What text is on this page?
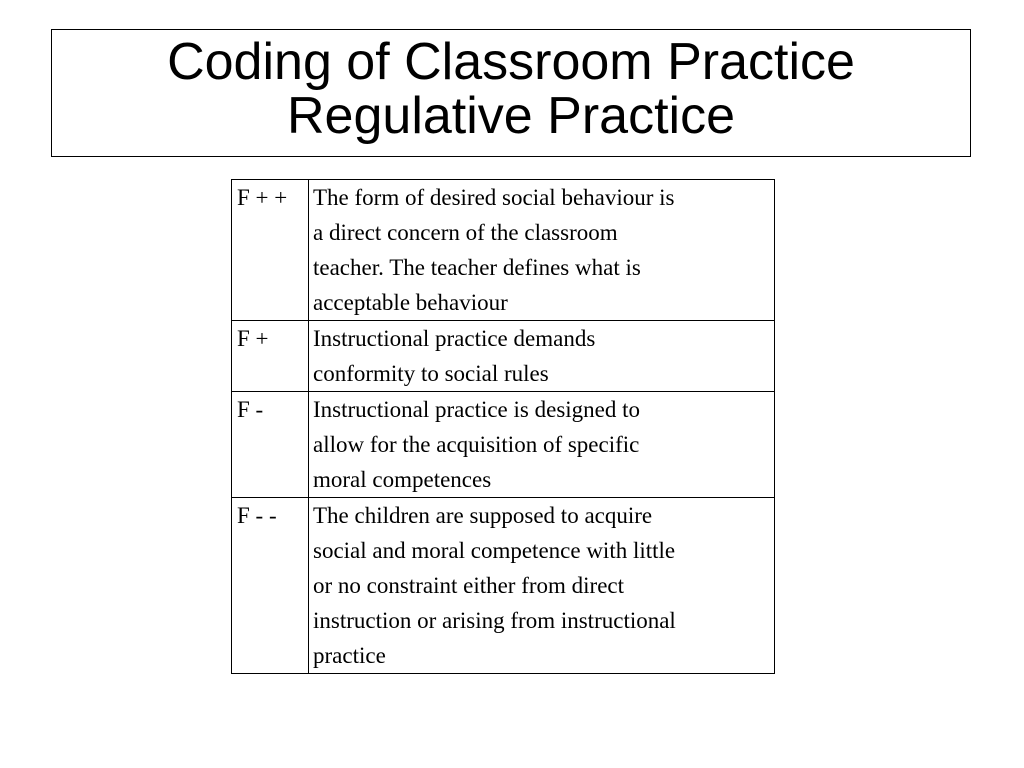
Coding of Classroom Practice
Regulative Practice
F + +	The form of desired social behaviour is
a direct concern of the classroom
teacher. The teacher defines what is
acceptable behaviour

F +	Instructional practice demands
conformity to social rules

F -	Instructional practice is designed to
allow for the acquisition of specific
moral competences

F - -	The children are supposed to acquire
social and moral competence with little
or no constraint either from direct
instruction or arising from instructional
practice
